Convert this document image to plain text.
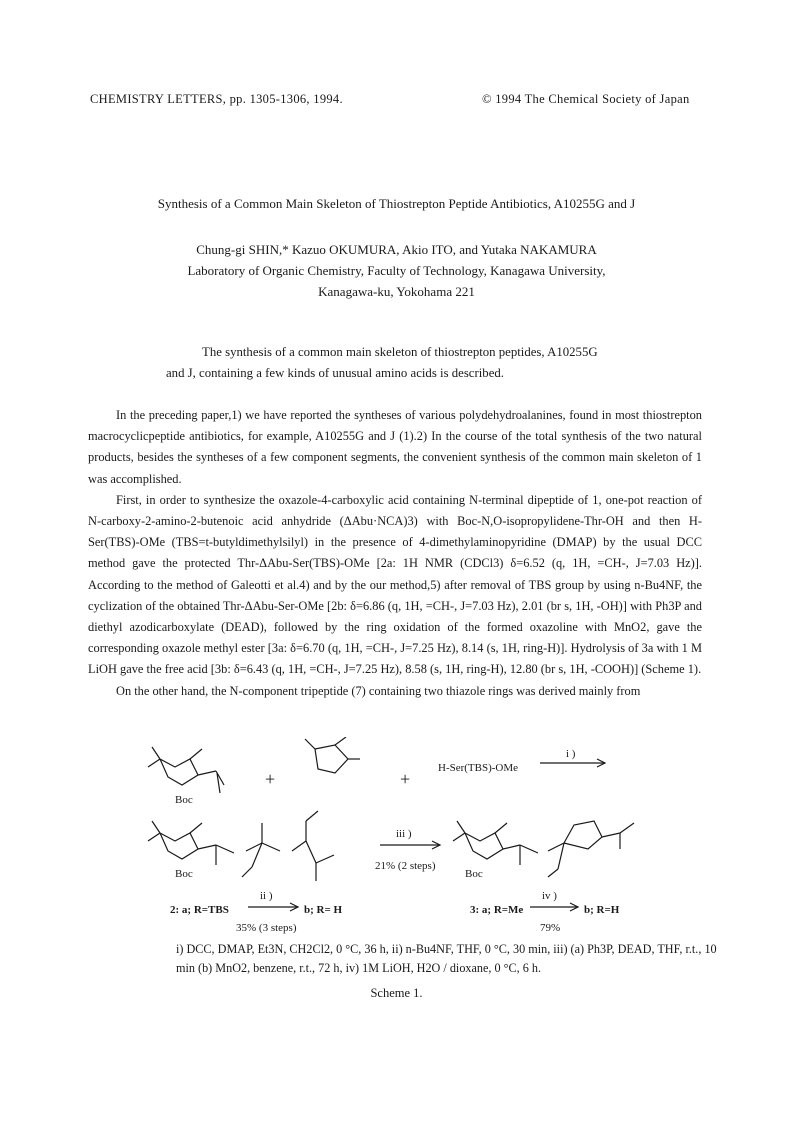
CHEMISTRY LETTERS, pp. 1305-1306, 1994.	© 1994 The Chemical Society of Japan
Synthesis of a Common Main Skeleton of Thiostrepton Peptide Antibiotics, A10255G and J
Chung-gi SHIN,* Kazuo OKUMURA, Akio ITO, and Yutaka NAKAMURA
Laboratory of Organic Chemistry, Faculty of Technology, Kanagawa University,
Kanagawa-ku, Yokohama 221
The synthesis of a common main skeleton of thiostrepton peptides, A10255G
and J, containing a few kinds of unusual amino acids is described.

In the preceding paper,1) we have reported the syntheses of various polydehydroalanines, found in most thiostrepton macrocyclicpeptide antibiotics, for example, A10255G and J (1).2) In the course of the total synthesis of the two natural products, besides the syntheses of a few component segments, the convenient synthesis of the common main skeleton of 1 was accomplished.

First, in order to synthesize the oxazole-4-carboxylic acid containing N-terminal dipeptide of 1, one-pot reaction of N-carboxy-2-amino-2-butenoic acid anhydride (ΔAbu·NCA)3) with Boc-N,O-isopropylidene-Thr-OH and then H-Ser(TBS)-OMe (TBS=t-butyldimethylsilyl) in the presence of 4-dimethylaminopyridine (DMAP) by the usual DCC method gave the protected Thr-ΔAbu-Ser(TBS)-OMe [2a: 1H NMR (CDCl3) δ=6.52 (q, 1H, =CH-, J=7.03 Hz)]. According to the method of Galeotti et al.4) and by the our method,5) after removal of TBS group by using n-Bu4NF, the cyclization of the obtained Thr-ΔAbu-Ser-OMe [2b: δ=6.86 (q, 1H, =CH-, J=7.03 Hz), 2.01 (br s, 1H, -OH)] with Ph3P and diethyl azodicarboxylate (DEAD), followed by the ring oxidation of the formed oxazoline with MnO2, gave the corresponding oxazole methyl ester [3a: δ=6.70 (q, 1H, =CH-, J=7.25 Hz), 8.14 (s, 1H, ring-H)]. Hydrolysis of 3a with 1 M LiOH gave the free acid [3b: δ=6.43 (q, 1H, =CH-, J=7.25 Hz), 8.58 (s, 1H, ring-H), 12.80 (br s, 1H, -COOH)] (Scheme 1).

On the other hand, the N-component tripeptide (7) containing two thiazole rings was derived mainly from

+	+
H-Ser(TBS)-OMe
i )
Boc
Boc	Boc
iii )
21% (2 steps)
ii )
2: a; R=TBS	b; R= H
35% (3 steps)
iv )
3: a; R=Me	b; R=H
79%
i) DCC, DMAP, Et3N, CH2Cl2, 0 °C, 36 h, ii) n-Bu4NF, THF, 0 °C, 30 min, iii) (a) Ph3P, DEAD, THF, r.t., 10 min (b) MnO2, benzene, r.t., 72 h, iv) 1M LiOH, H2O / dioxane, 0 °C, 6 h.
Scheme 1.
